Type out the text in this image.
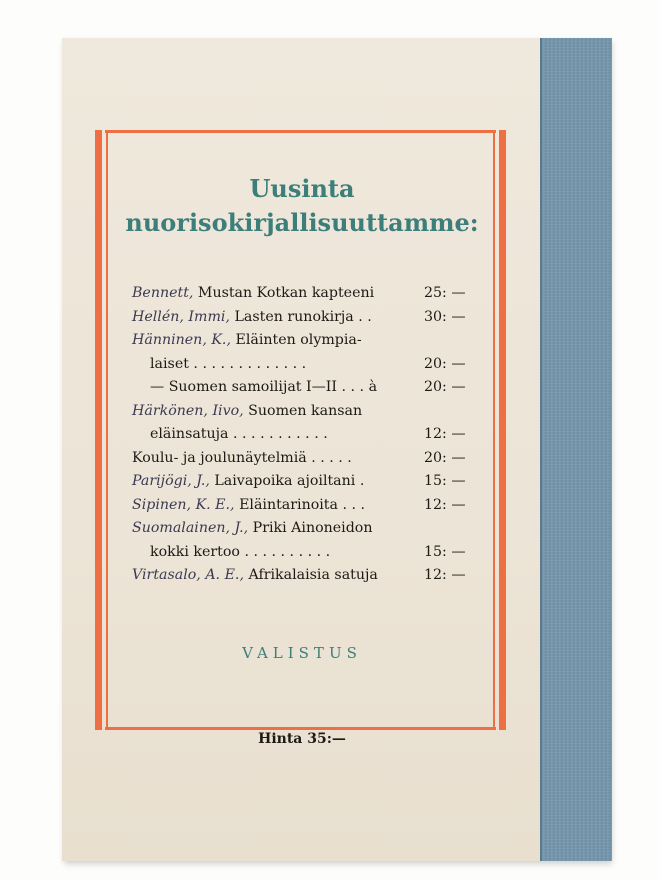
Uusinta
nuorisokirjallisuuttamme:
Bennett, Mustan Kotkan kapteeni	25: —
Hellén, Immi, Lasten runokirja . .	30: —
Hänninen, K., Eläinten olympia-
laiset . . . . . . . . . . . . .	20: —
— Suomen samoilijat I—II . . . à	20: —
Härkönen, Iivo, Suomen kansan
eläinsatuja . . . . . . . . . . .	12: —
Koulu- ja joulunäytelmiä . . . . .	20: —
Parijögi, J., Laivapoika ajoiltani .	15: —
Sipinen, K. E., Eläintarinoita . . .	12: —
Suomalainen, J., Priki Ainoneidon
kokki kertoo . . . . . . . . . .	15: —
Virtasalo, A. E., Afrikalaisia satuja	12: —
VALISTUS
Hinta 35:—
